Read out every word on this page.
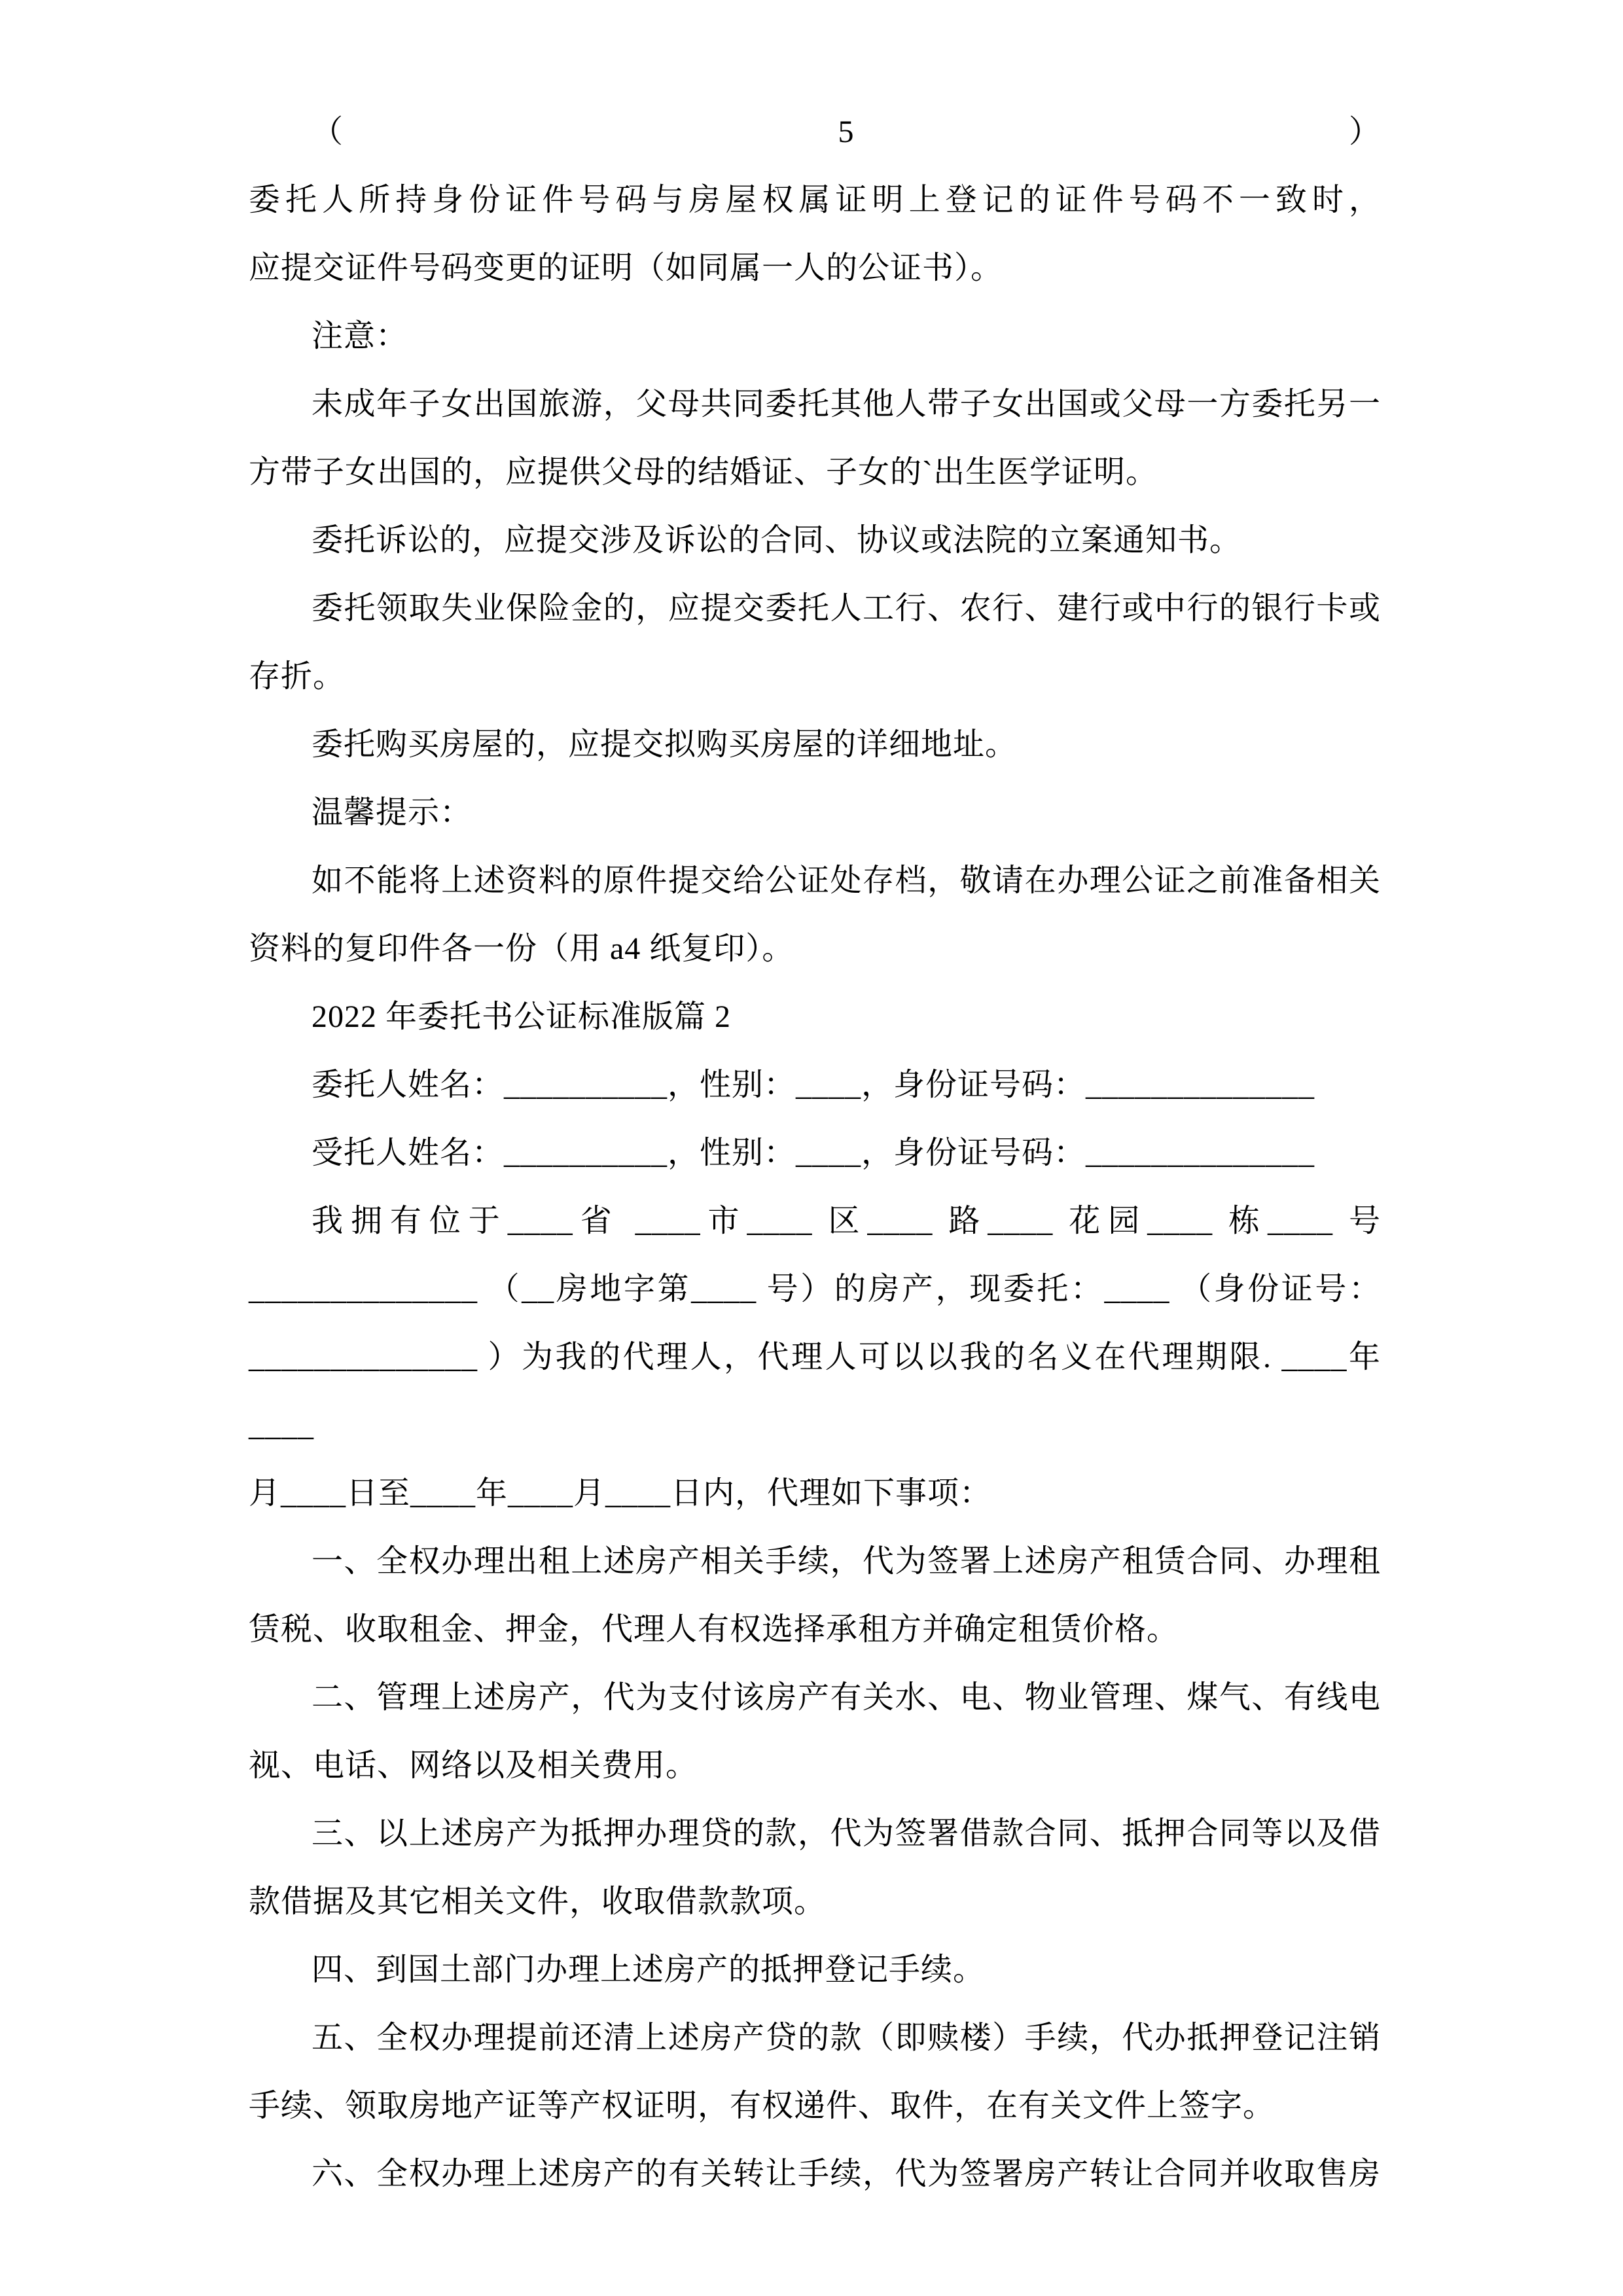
（5）委托人所持身份证件号码与房屋权属证明上登记的证件号码不一致时，
应提交证件号码变更的证明（如同属一人的公证书）。
注意：
未成年子女出国旅游，父母共同委托其他人带子女出国或父母一方委托另一
方带子女出国的，应提供父母的结婚证、子女的`出生医学证明。
委托诉讼的，应提交涉及诉讼的合同、协议或法院的立案通知书。
委托领取失业保险金的，应提交委托人工行、农行、建行或中行的银行卡或
存折。
委托购买房屋的，应提交拟购买房屋的详细地址。
温馨提示：
如不能将上述资料的原件提交给公证处存档，敬请在办理公证之前准备相关
资料的复印件各一份（用 a4 纸复印）。
2022 年委托书公证标准版篇 2
委托人姓名：__________，性别：____，身份证号码：______________
受托人姓名：__________，性别：____，身份证号码：______________
我拥有位于____省 ____市____ 区____ 路____ 花园____ 栋____ 号
______________ （__房地字第____ 号）的房产，现委托：____ （身份证号：
______________ ）为我的代理人，代理人可以以我的名义在代理期限. ____年____
月____日至____年____月____日内，代理如下事项：
一、全权办理出租上述房产相关手续，代为签署上述房产租赁合同、办理租
赁税、收取租金、押金，代理人有权选择承租方并确定租赁价格。
二、管理上述房产，代为支付该房产有关水、电、物业管理、煤气、有线电
视、电话、网络以及相关费用。
三、以上述房产为抵押办理贷的款，代为签署借款合同、抵押合同等以及借
款借据及其它相关文件，收取借款款项。
四、到国土部门办理上述房产的抵押登记手续。
五、全权办理提前还清上述房产贷的款（即赎楼）手续，代办抵押登记注销
手续、领取房地产证等产权证明，有权递件、取件，在有关文件上签字。
六、全权办理上述房产的有关转让手续，代为签署房产转让合同并收取售房
